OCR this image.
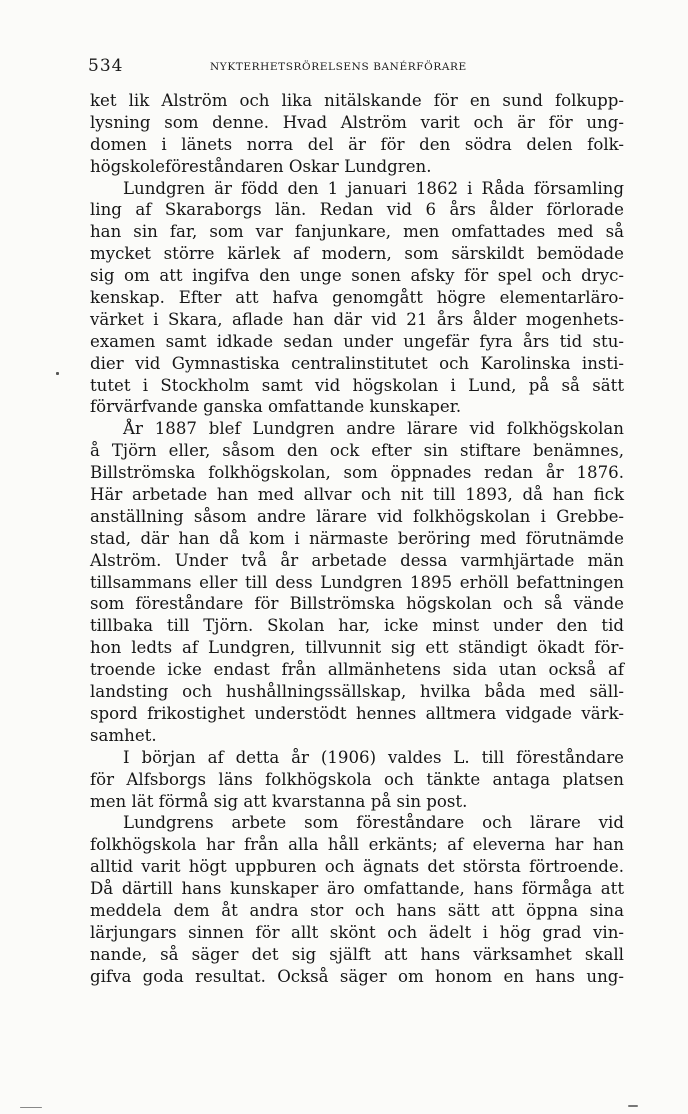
534	NYKTERHETSRÖRELSENS BANÉRFÖRARE
ket lik Alström och lika nitälskande för en sund folkupp-
lysning som denne. Hvad Alström varit och är för ung-
domen i länets norra del är för den södra delen folk-
högskoleföreståndaren Oskar Lundgren.
Lundgren är född den 1 januari 1862 i Råda församling
ling af Skaraborgs län. Redan vid 6 års ålder förlorade
han sin far, som var fanjunkare, men omfattades med så
mycket större kärlek af modern, som särskildt bemödade
sig om att ingifva den unge sonen afsky för spel och dryc-
kenskap. Efter att hafva genomgått högre elementarläro-
värket i Skara, aflade han där vid 21 års ålder mogenhets-
examen samt idkade sedan under ungefär fyra års tid stu-
dier vid Gymnastiska centralinstitutet och Karolinska insti-
tutet i Stockholm samt vid högskolan i Lund, på så sätt
förvärfvande ganska omfattande kunskaper.
År 1887 blef Lundgren andre lärare vid folkhögskolan
å Tjörn eller, såsom den ock efter sin stiftare benämnes,
Billströmska folkhögskolan, som öppnades redan år 1876.
Här arbetade han med allvar och nit till 1893, då han fick
anställning såsom andre lärare vid folkhögskolan i Grebbe-
stad, där han då kom i närmaste beröring med förutnämde
Alström. Under två år arbetade dessa varmhjärtade män
tillsammans eller till dess Lundgren 1895 erhöll befattningen
som föreståndare för Billströmska högskolan och så vände
tillbaka till Tjörn. Skolan har, icke minst under den tid
hon ledts af Lundgren, tillvunnit sig ett ständigt ökadt för-
troende icke endast från allmänhetens sida utan också af
landsting och hushållningssällskap, hvilka båda med säll-
spord frikostighet understödt hennes alltmera vidgade värk-
samhet.
I början af detta år (1906) valdes L. till föreståndare
för Alfsborgs läns folkhögskola och tänkte antaga platsen
men lät förmå sig att kvarstanna på sin post.
Lundgrens arbete som föreståndare och lärare vid
folkhögskola har från alla håll erkänts; af eleverna har han
alltid varit högt uppburen och ägnats det största förtroende.
Då därtill hans kunskaper äro omfattande, hans förmåga att
meddela dem åt andra stor och hans sätt att öppna sina
lärjungars sinnen för allt skönt och ädelt i hög grad vin-
nande, så säger det sig själft att hans värksamhet skall
gifva goda resultat. Också säger om honom en hans ung-
